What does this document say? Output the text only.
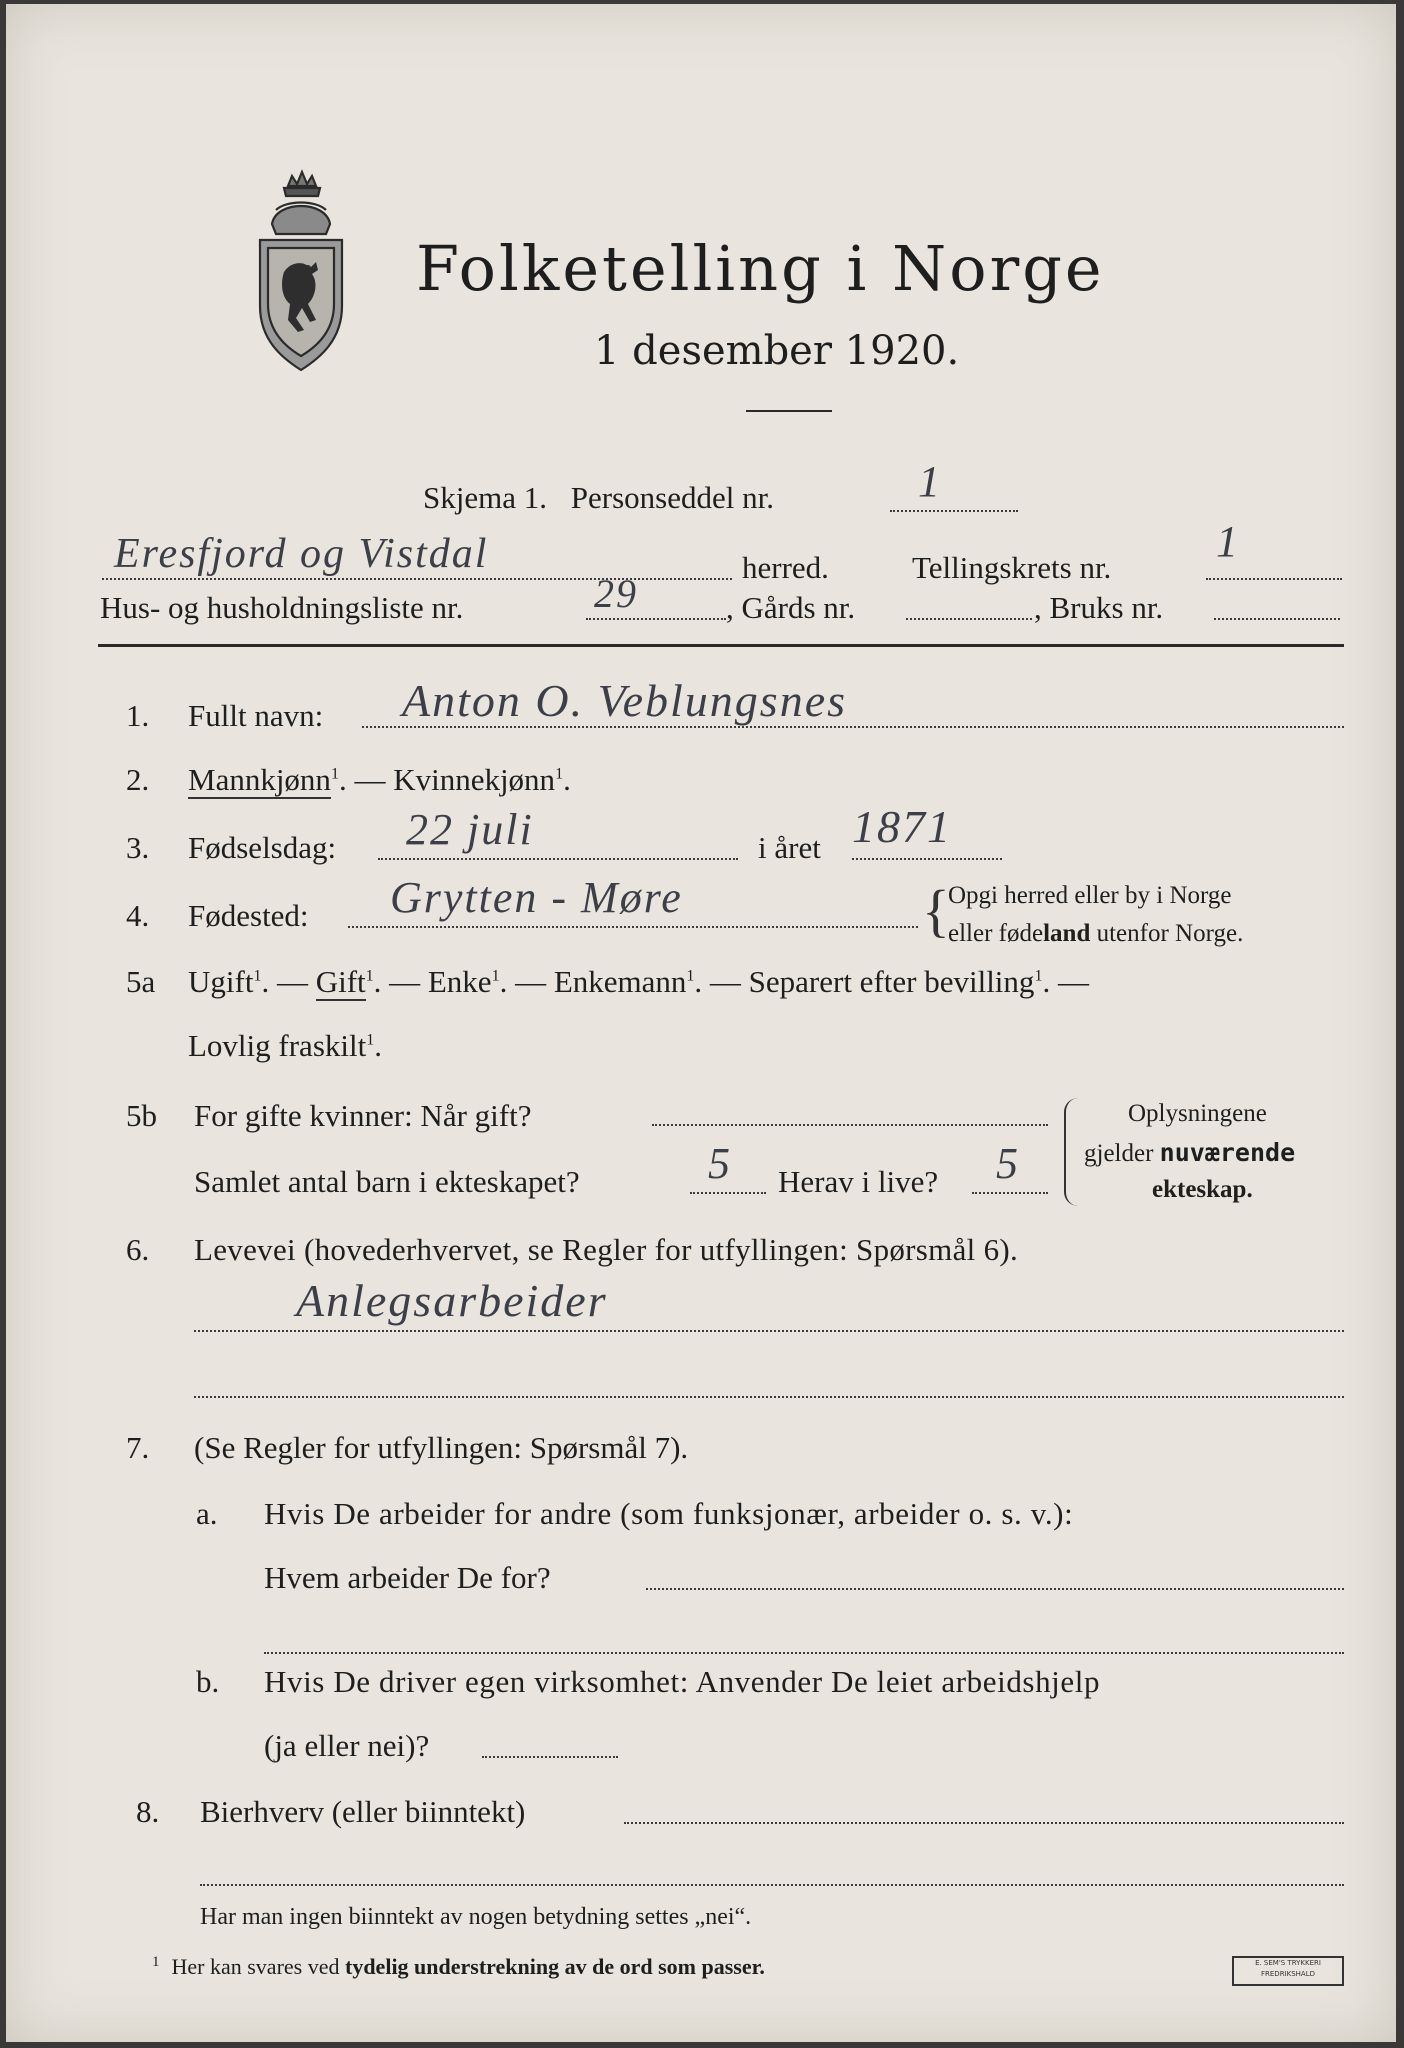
Folketelling i Norge
1 desember 1920.
Skjema 1. Personseddel nr.	1
Eresfjord og Vistdal	herred.	Tellingskrets nr.
1
Hus- og husholdningsliste nr.	29	, Gårds nr.	, Bruks nr.
1. Fullt navn: Anton O. Veblungsnes
2. Mannkjønn$^1$. — Kvinnekjønn$^1$.
3. Fødselsdag: 22 juli	i året 1871
4. Fødested: Grytten - Møre	{
Opgi herred eller by i Norge
eller fødeland utenfor Norge.
5a Ugift$^1$. — Gift$^1$. — Enke$^1$. — Enkemann$^1$. — Separert efter bevilling$^1$. —
Lovlig fraskilt$^1$.
5b For gifte kvinner: Når gift?
Samlet antal barn i ekteskapet?	5 Herav i live? 5
Oplysningene
gjelder nuværende
ekteskap.
6. Levevei (hovederhvervet, se Regler for utfyllingen: Spørsmål 6).
Anlegsarbeider
7. (Se Regler for utfyllingen: Spørsmål 7).
a. Hvis De arbeider for andre (som funksjonær, arbeider o. s. v.):
Hvem arbeider De for?
b. Hvis De driver egen virksomhet: Anvender De leiet arbeidshjelp
(ja eller nei)?
8. Bierhverv (eller biinntekt)
Har man ingen biinntekt av nogen betydning settes „nei“.
$^1$ Her kan svares ved tydelig understrekning av de ord som passer.	E. SEM'S TRYKKERI
FREDRIKSHALD
